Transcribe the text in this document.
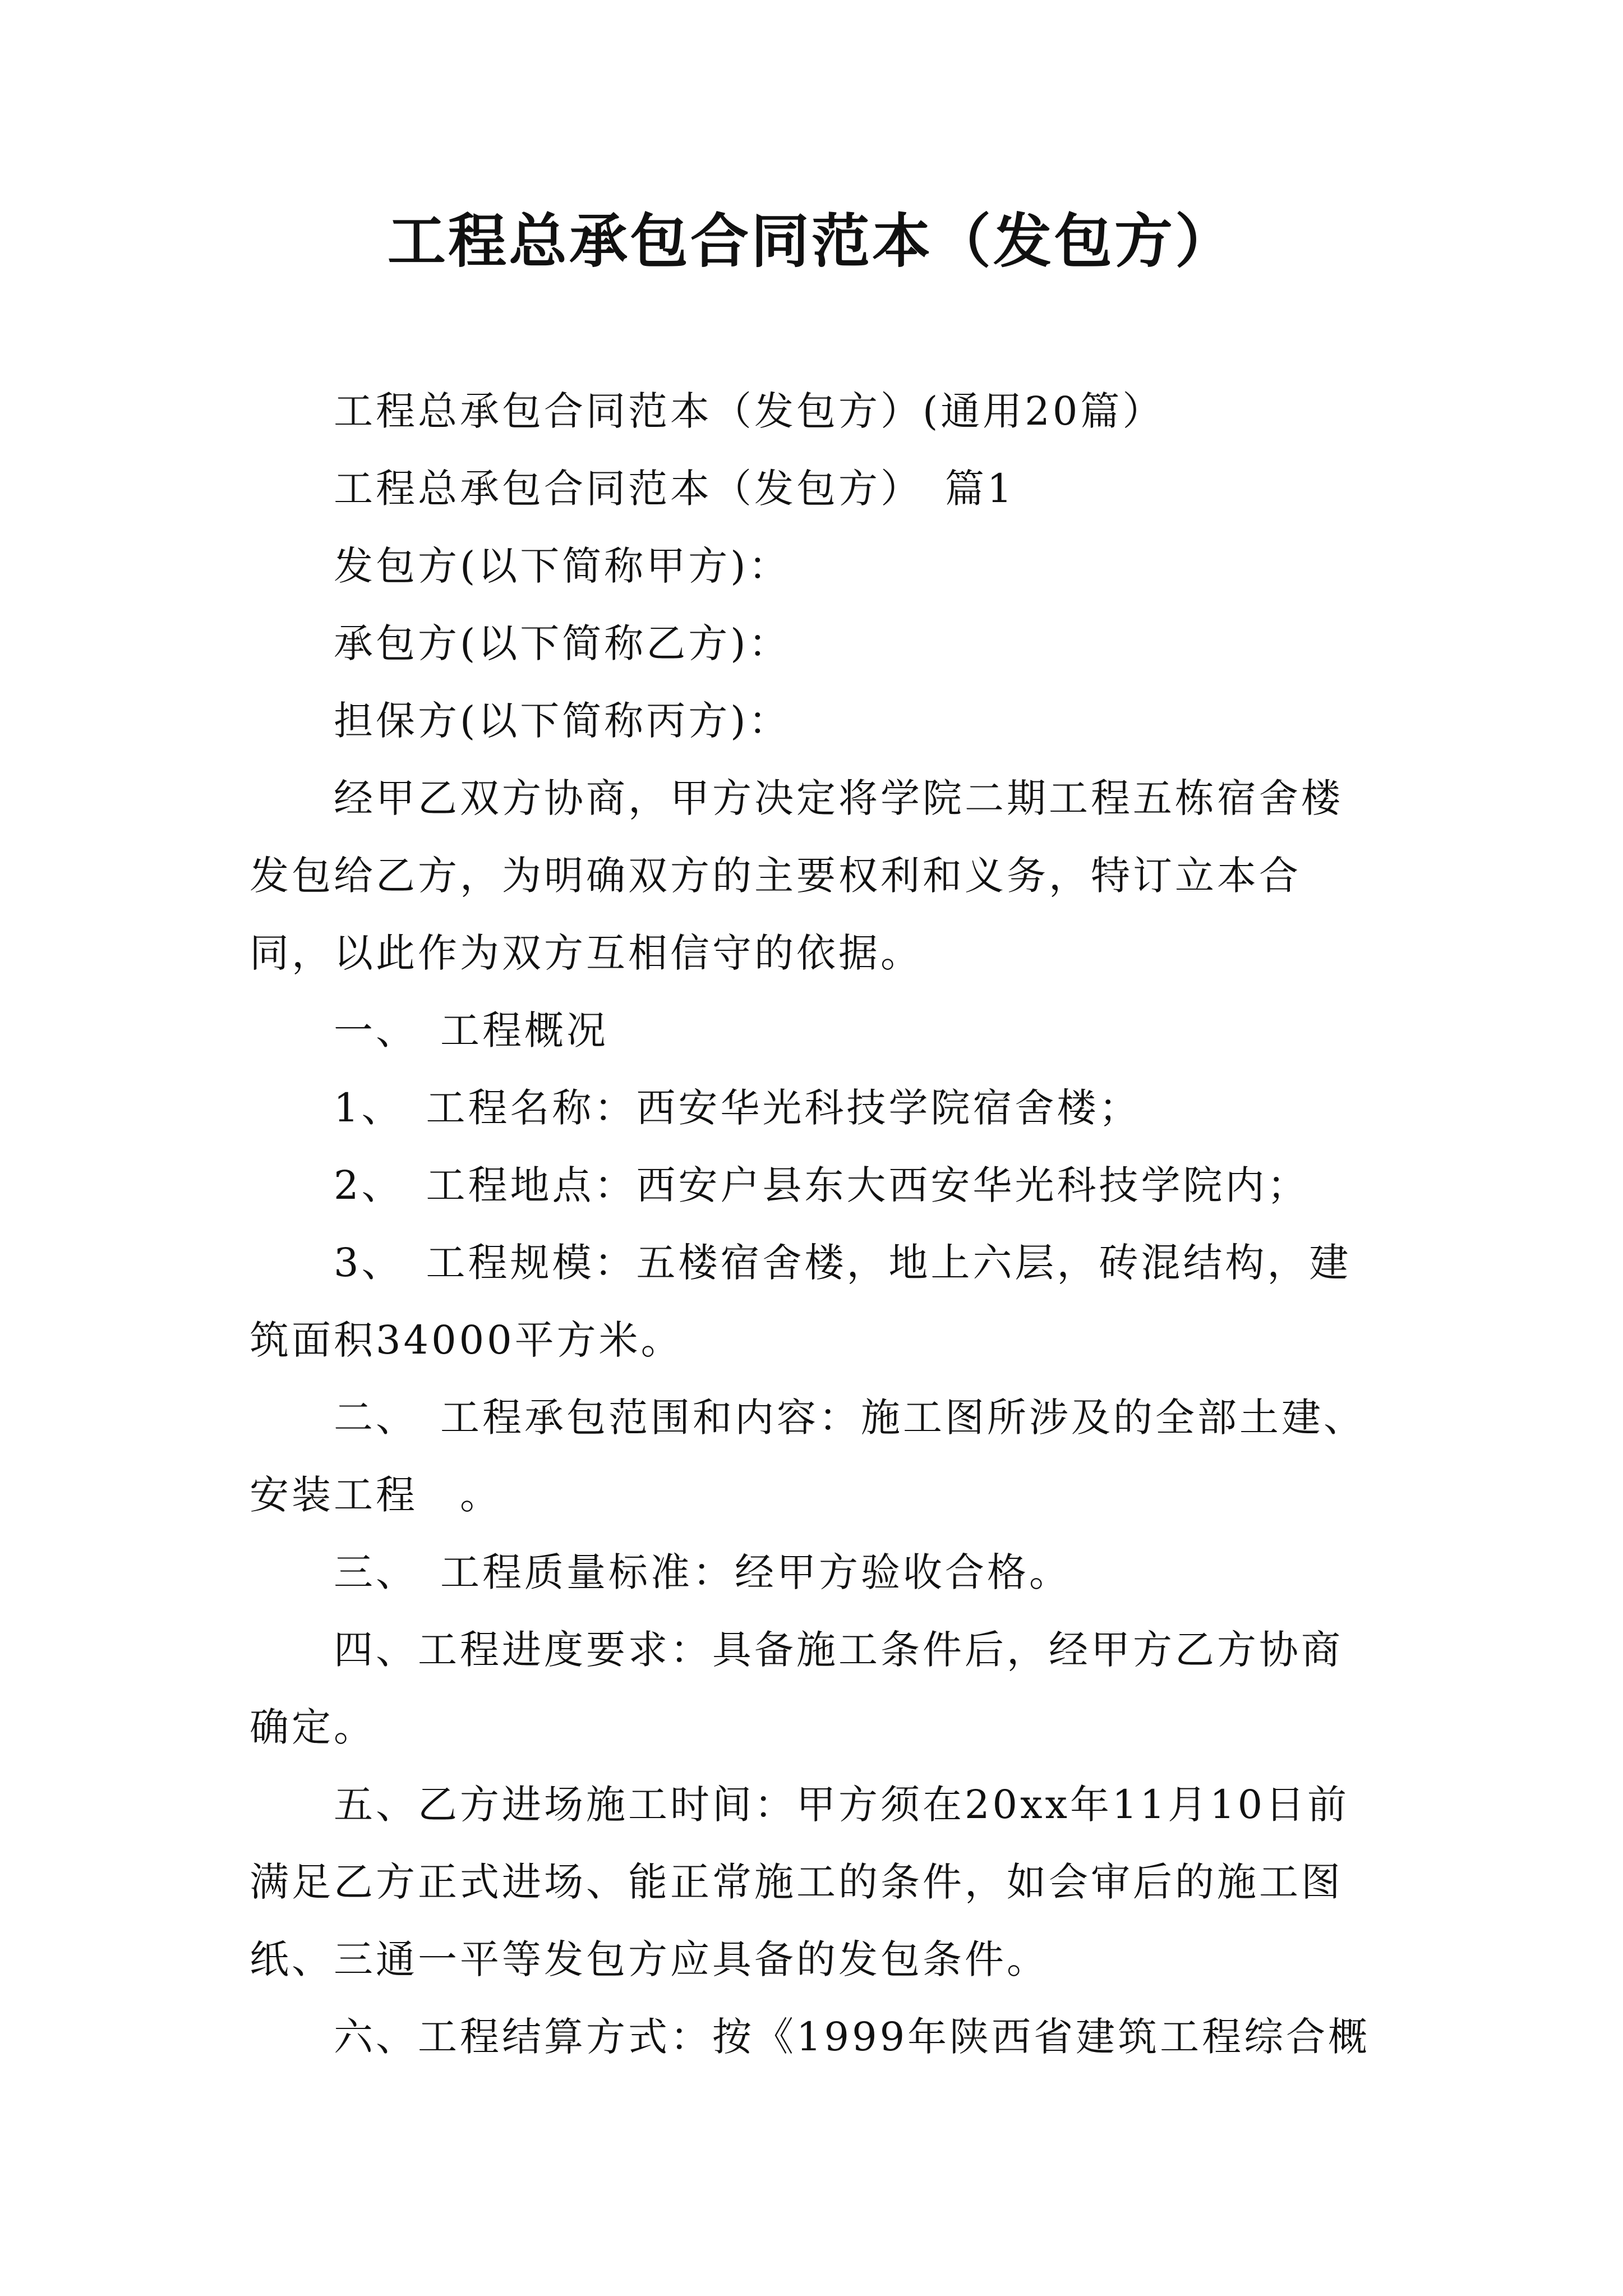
工程总承包合同范本（发包方）

工程总承包合同范本（发包方）(通用20篇）

工程总承包合同范本（发包方）　篇1

发包方(以下简称甲方)：

承包方(以下简称乙方)：

担保方(以下简称丙方)：

经甲乙双方协商，甲方决定将学院二期工程五栋宿舍楼发包给乙方，为明确双方的主要权利和义务，特订立本合同，以此作为双方互相信守的依据。

一、　工程概况

1、　工程名称：西安华光科技学院宿舍楼；

2、　工程地点：西安户县东大西安华光科技学院内；

3、　工程规模：五楼宿舍楼，地上六层，砖混结构，建筑面积34000平方米。

二、　工程承包范围和内容：施工图所涉及的全部土建、安装工程　。

三、　工程质量标准：经甲方验收合格。

四、工程进度要求：具备施工条件后，经甲方乙方协商确定。

五、乙方进场施工时间：甲方须在20xx年11月10日前满足乙方正式进场、能正常施工的条件，如会审后的施工图纸、三通一平等发包方应具备的发包条件。

六、工程结算方式：按《1999年陕西省建筑工程综合概
